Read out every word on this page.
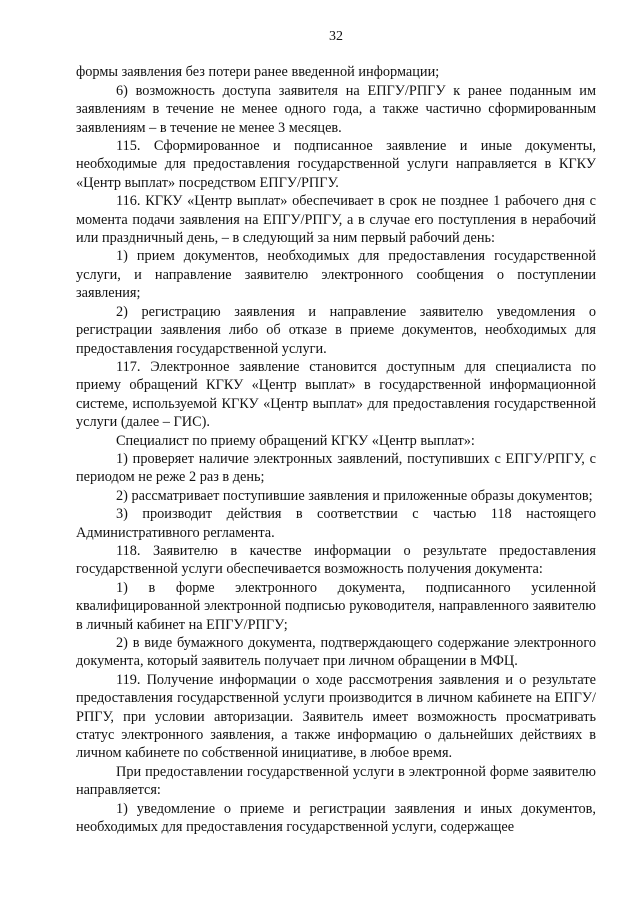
32

формы заявления без потери ранее введенной информации;

6) возможность доступа заявителя на ЕПГУ/РПГУ к ранее поданным им заявлениям в течение не менее одного года, а также частично сформированным заявлениям – в течение не менее 3 месяцев.

115. Сформированное и подписанное заявление и иные документы, необходимые для предоставления государственной услуги направляется в КГКУ «Центр выплат» посредством ЕПГУ/РПГУ.

116. КГКУ «Центр выплат» обеспечивает в срок не позднее 1 рабочего дня с момента подачи заявления на ЕПГУ/РПГУ, а в случае его поступления в нерабочий или праздничный день, – в следующий за ним первый рабочий день:

1) прием документов, необходимых для предоставления государственной услуги, и направление заявителю электронного сообщения о поступлении заявления;

2) регистрацию заявления и направление заявителю уведомления о регистрации заявления либо об отказе в приеме документов, необходимых для предоставления государственной услуги.

117. Электронное заявление становится доступным для специалиста по приему обращений КГКУ «Центр выплат» в государственной информационной системе, используемой КГКУ «Центр выплат» для предоставления государственной услуги (далее – ГИС).

Специалист по приему обращений КГКУ «Центр выплат»:

1) проверяет наличие электронных заявлений, поступивших с ЕПГУ/РПГУ, с периодом не реже 2 раз в день;

2) рассматривает поступившие заявления и приложенные образы документов;

3) производит действия в соответствии с частью 118 настоящего Административного регламента.

118. Заявителю в качестве информации о результате предоставления государственной услуги обеспечивается возможность получения документа:

1) в форме электронного документа, подписанного усиленной квалифицированной электронной подписью руководителя, направленного заявителю в личный кабинет на ЕПГУ/РПГУ;

2) в виде бумажного документа, подтверждающего содержание электронного документа, который заявитель получает при личном обращении в МФЦ.

119. Получение информации о ходе рассмотрения заявления и о результате предоставления государственной услуги производится в личном кабинете на ЕПГУ/РПГУ, при условии авторизации. Заявитель имеет возможность просматривать статус электронного заявления, а также информацию о дальнейших действиях в личном кабинете по собственной инициативе, в любое время.

При предоставлении государственной услуги в электронной форме заявителю направляется:

1) уведомление о приеме и регистрации заявления и иных документов, необходимых для предоставления государственной услуги, содержащее
